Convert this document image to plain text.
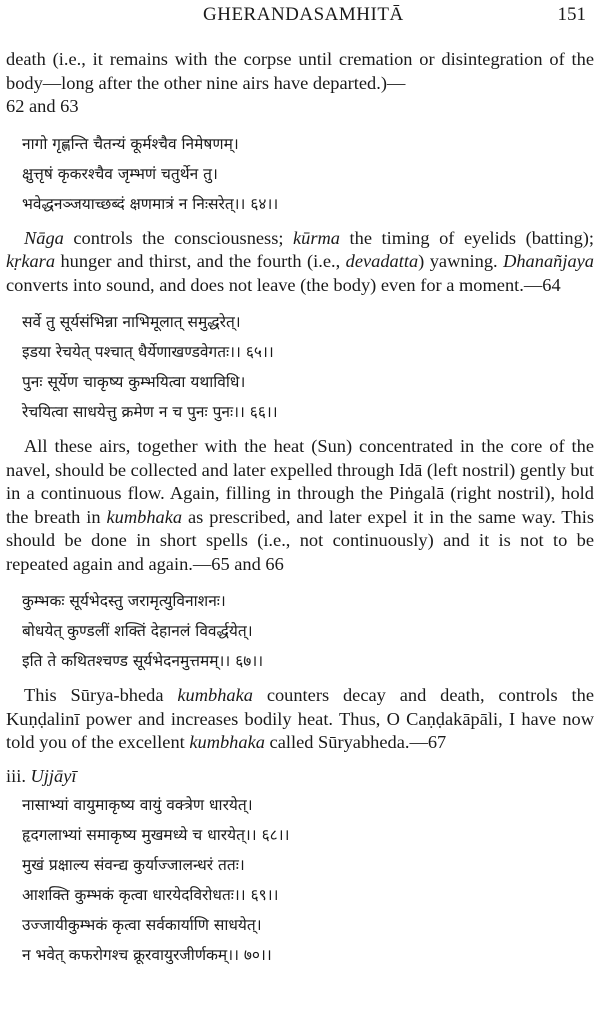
GHERANDASAMHITĀ	151

death (i.e., it remains with the corpse until cremation or disintegration of the body—long after the other nine airs have departed.)—
62 and 63

नागो गृह्णन्ति चैतन्यं कूर्मश्चैव निमेषणम्।
क्षुत्तृषं कृकरश्चैव जृम्भणं चतुर्थेन तु।
भवेद्धनञ्जयाच्छब्दं क्षणमात्रं न निःसरेत्।। ६४।।

Nāga controls the consciousness; kūrma the timing of eyelids (batting); kṛkara hunger and thirst, and the fourth (i.e., devadatta) yawning. Dhanañjaya converts into sound, and does not leave (the body) even for a moment.—64

सर्वे तु सूर्यसंभिन्ना नाभिमूलात् समुद्धरेत्।
इडया रेचयेत् पश्चात् धैर्येणाखण्डवेगतः।। ६५।।
पुनः सूर्येण चाकृष्य कुम्भयित्वा यथाविधि।
रेचयित्वा साधयेत्तु क्रमेण न च पुनः पुनः।। ६६।।

All these airs, together with the heat (Sun) concentrated in the core of the navel, should be collected and later expelled through Idā (left nostril) gently but in a continuous flow. Again, filling in through the Piṅgalā (right nostril), hold the breath in kumbhaka as prescribed, and later expel it in the same way. This should be done in short spells (i.e., not continuously) and it is not to be repeated again and again.—65 and 66

कुम्भकः सूर्यभेदस्तु जरामृत्युविनाशनः।
बोधयेत् कुण्डलीं शक्तिं देहानलं विवर्द्धयेत्।
इति ते कथितश्चण्ड सूर्यभेदनमुत्तमम्।। ६७।।

This Sūrya-bheda kumbhaka counters decay and death, controls the Kuṇḍalinī power and increases bodily heat. Thus, O Caṇḍakāpāli, I have now told you of the excellent kumbhaka called Sūryabheda.—67

iii. Ujjāyī

नासाभ्यां वायुमाकृष्य वायुं वक्त्रेण धारयेत्।
हृदगलाभ्यां समाकृष्य मुखमध्ये च धारयेत्।। ६८।।
मुखं प्रक्षाल्य संवन्द्य कुर्याज्जालन्धरं ततः।
आशक्ति कुम्भकं कृत्वा धारयेदविरोधतः।। ६९।।
उज्जायीकुम्भकं कृत्वा सर्वकार्याणि साधयेत्।
न भवेत् कफरोगश्च क्रूरवायुरजीर्णकम्।। ७०।।
